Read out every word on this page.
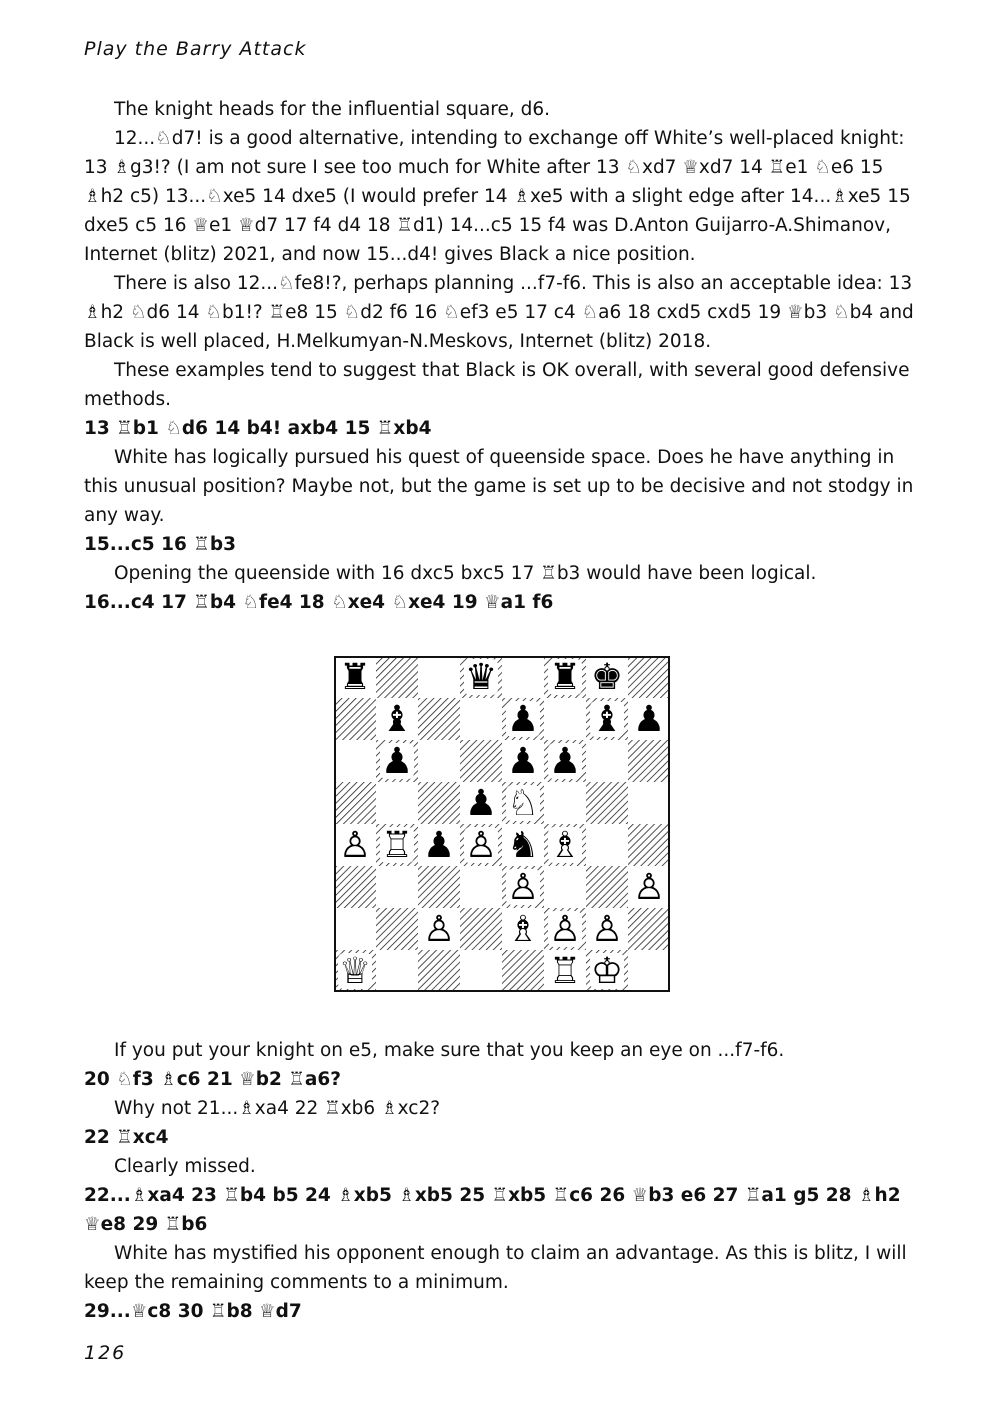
Play the Barry Attack

The knight heads for the influential square, d6.

12...♘d7! is a good alternative, intending to exchange off White’s well-placed knight: 13 ♗g3!? (I am not sure I see too much for White after 13 ♘xd7 ♕xd7 14 ♖e1 ♘e6 15 ♗h2 c5) 13...♘xe5 14 dxe5 (I would prefer 14 ♗xe5 with a slight edge after 14...♗xe5 15 dxe5 c5 16 ♕e1 ♕d7 17 f4 d4 18 ♖d1) 14...c5 15 f4 was D.Anton Guijarro-A.Shimanov, Internet (blitz) 2021, and now 15...d4! gives Black a nice position.

There is also 12...♘fe8!?, perhaps planning ...f7-f6. This is also an acceptable idea: 13 ♗h2 ♘d6 14 ♘b1!? ♖e8 15 ♘d2 f6 16 ♘ef3 e5 17 c4 ♘a6 18 cxd5 cxd5 19 ♕b3 ♘b4 and Black is well placed, H.Melkumyan-N.Meskovs, Internet (blitz) 2018.

These examples tend to suggest that Black is OK overall, with several good defensive methods.

13 ♖b1 ♘d6 14 b4! axb4 15 ♖xb4

White has logically pursued his quest of queenside space. Does he have anything in this unusual position? Maybe not, but the game is set up to be decisive and not stodgy in any way.

15...c5 16 ♖b3

Opening the queenside with 16 dxc5 bxc5 17 ♖b3 would have been logical.

16...c4 17 ♖b4 ♘fe4 18 ♘xe4 ♘xe4 19 ♕a1 f6

♜	♛ ♜ ♚
♝	♟ ♝ ♟
♟	♟ ♟
♟ ♘
♙ ♖ ♟ ♙ ♞ ♗
♙	♙
♙ ♗ ♙ ♙
♕	♖ ♔

If you put your knight on e5, make sure that you keep an eye on ...f7-f6.

20 ♘f3 ♗c6 21 ♕b2 ♖a6?

Why not 21...♗xa4 22 ♖xb6 ♗xc2?

22 ♖xc4

Clearly missed.

22...♗xa4 23 ♖b4 b5 24 ♗xb5 ♗xb5 25 ♖xb5 ♖c6 26 ♕b3 e6 27 ♖a1 g5 28 ♗h2 ♕e8 29 ♖b6

White has mystified his opponent enough to claim an advantage. As this is blitz, I will keep the remaining comments to a minimum.

29...♕c8 30 ♖b8 ♕d7

126
